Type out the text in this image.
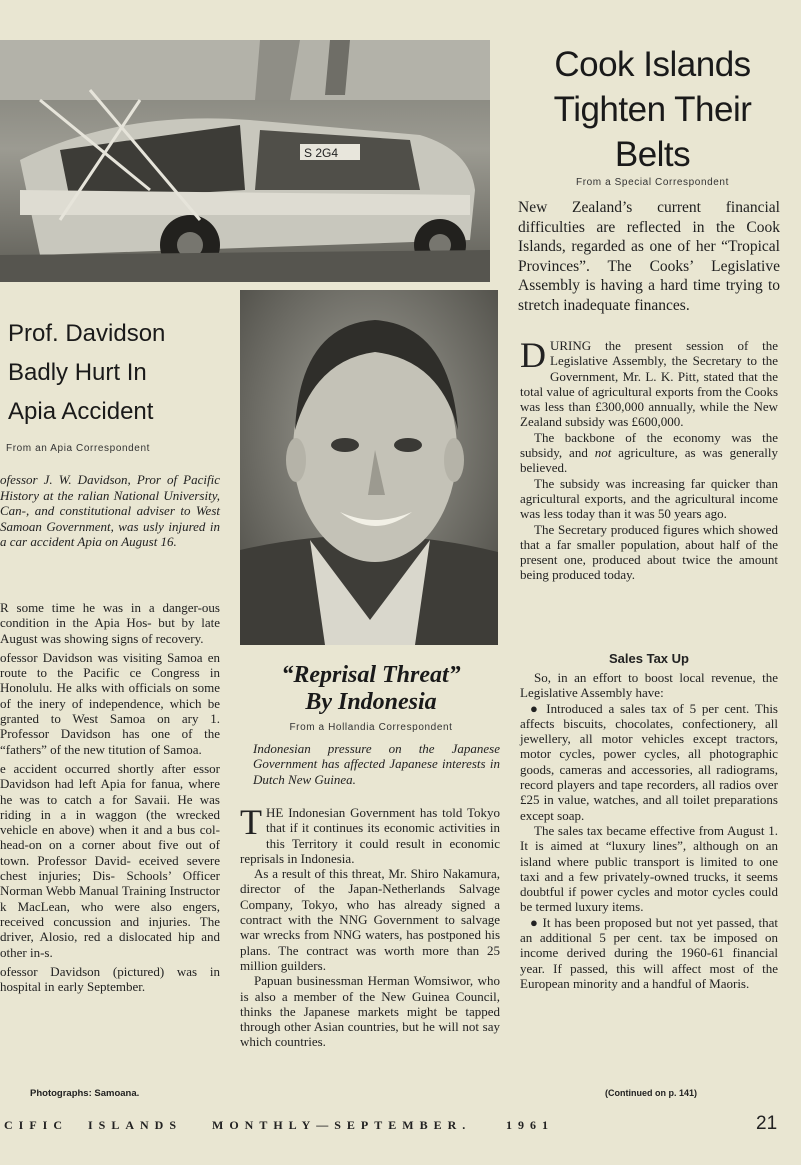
S 2G4
Cook Islands Tighten Their Belts

From a Special Correspondent

New Zealand’s current financial difficulties are reflected in the Cook Islands, regarded as one of her “Tropical Provinces”. The Cooks’ Legislative Assembly is having a hard time trying to stretch inadequate finances.

DURING the present session of the Legislative Assembly, the Secretary to the Government, Mr. L. K. Pitt, stated that the total value of agricultural exports from the Cooks was less than £300,000 annually, while the New Zealand subsidy was £600,000.

The backbone of the economy was the subsidy, and not agriculture, as was generally believed.

The subsidy was increasing far quicker than agricultural exports, and the agricultural income was less today than it was 50 years ago.

The Secretary produced figures which showed that a far smaller population, about half of the present one, produced about twice the amount being produced today.

Sales Tax Up

So, in an effort to boost local revenue, the Legislative Assembly have:

● Introduced a sales tax of 5 per cent. This affects biscuits, chocolates, confectionery, all jewellery, all motor vehicles except tractors, motor cycles, power cycles, all photographic goods, cameras and accessories, all radiograms, record players and tape recorders, all radios over £25 in value, watches, and all toilet preparations except soap.

The sales tax became effective from August 1. It is aimed at “luxury lines”, although on an island where public transport is limited to one taxi and a few privately-owned trucks, it seems doubtful if power cycles and motor cycles could be termed luxury items.

● It has been proposed but not yet passed, that an additional 5 per cent. tax be imposed on income derived during the 1960-61 financial year. If passed, this will affect most of the European minority and a handful of Maoris.

(Continued on p. 141)

Prof. Davidson
Badly Hurt In
Apia Accident

From an Apia Correspondent

ofessor J. W. Davidson, Pror of Pacific History at the ralian National University, Can-, and constitutional adviser to West Samoan Government, was usly injured in a car accident Apia on August 16.

R some time he was in a danger-ous condition in the Apia Hos- but by late August was showing signs of recovery.

ofessor Davidson was visiting Samoa en route to the Pacific ce Congress in Honolulu. He alks with officials on some of the inery of independence, which be granted to West Samoa on ary 1. Professor Davidson has one of the “fathers” of the new titution of Samoa.

e accident occurred shortly after essor Davidson had left Apia for fanua, where he was to catch a for Savaii. He was riding in a in waggon (the wrecked vehicle en above) when it and a bus col- head-on on a corner about five out of town. Professor David- eceived severe chest injuries; Dis- Schools’ Officer Norman Webb Manual Training Instructor k MacLean, who were also engers, received concussion and injuries. The driver, Alosio, red a dislocated hip and other in-s.

ofessor Davidson (pictured) was in hospital in early September.

Photographs: Samoana.

“Reprisal Threat”
By Indonesia

From a Hollandia Correspondent

Indonesian pressure on the Japanese Government has affected Japanese interests in Dutch New Guinea.

THE Indonesian Government has told Tokyo that if it continues its economic activities in this Territory it could result in economic reprisals in Indonesia.

As a result of this threat, Mr. Shiro Nakamura, director of the Japan-Netherlands Salvage Company, Tokyo, who has already signed a contract with the NNG Government to salvage war wrecks from NNG waters, has postponed his plans. The contract was worth more than 25 million guilders.

Papuan businessman Herman Womsiwor, who is also a member of the New Guinea Council, thinks the Japanese markets might be tapped through other Asian countries, but he will not say which countries.

CIFIC ISLANDS MONTHLY—SEPTEMBER.	1961	21
